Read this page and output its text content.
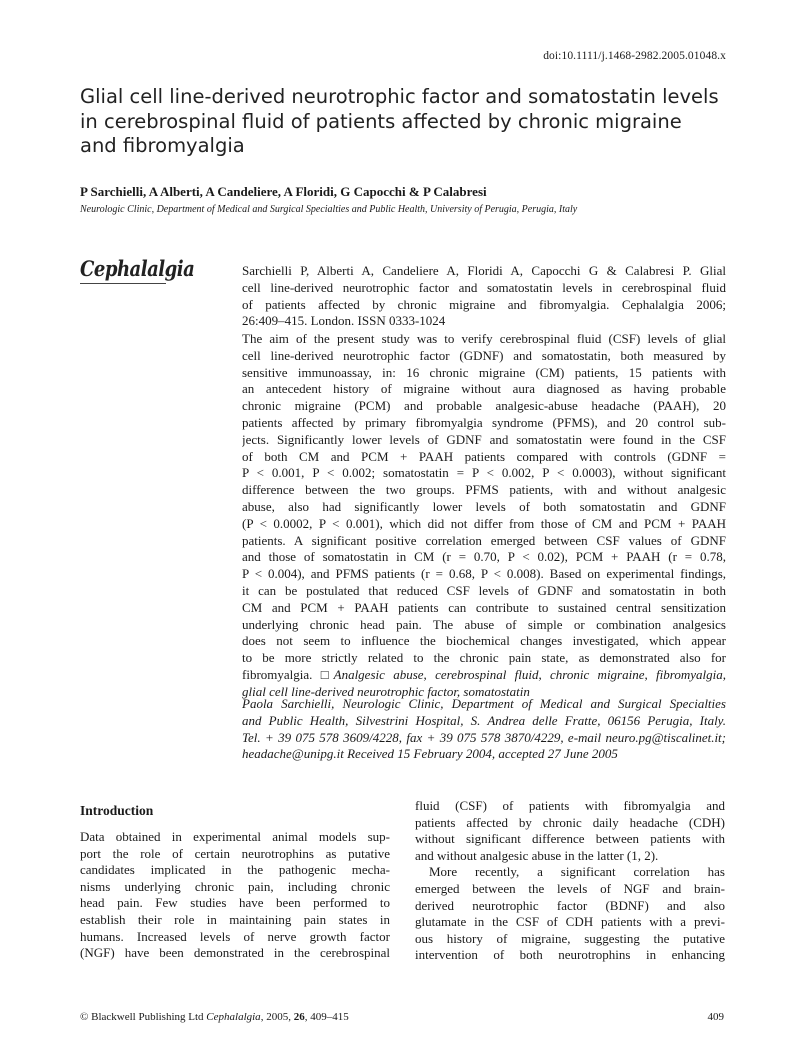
doi:10.1111/j.1468-2982.2005.01048.x
Glial cell line-derived neurotrophic factor and somatostatin levels
in cerebrospinal fluid of patients affected by chronic migraine
and fibromyalgia
P Sarchielli, A Alberti, A Candeliere, A Floridi, G Capocchi & P Calabresi
Neurologic Clinic, Department of Medical and Surgical Specialties and Public Health, University of Perugia, Perugia, Italy
Cephalalgia	Sarchielli P, Alberti A, Candeliere A, Floridi A, Capocchi G & Calabresi P. Glial
cell line-derived neurotrophic factor and somatostatin levels in cerebrospinal fluid
of patients affected by chronic migraine and fibromyalgia. Cephalalgia 2006;
26:409–415. London. ISSN 0333-1024
The aim of the present study was to verify cerebrospinal fluid (CSF) levels of glial
cell line-derived neurotrophic factor (GDNF) and somatostatin, both measured by
sensitive immunoassay, in: 16 chronic migraine (CM) patients, 15 patients with
an antecedent history of migraine without aura diagnosed as having probable
chronic migraine (PCM) and probable analgesic-abuse headache (PAAH), 20
patients affected by primary fibromyalgia syndrome (PFMS), and 20 control sub-
jects. Significantly lower levels of GDNF and somatostatin were found in the CSF
of both CM and PCM + PAAH patients compared with controls (GDNF =
P < 0.001, P < 0.002; somatostatin = P < 0.002, P < 0.0003), without significant
difference between the two groups. PFMS patients, with and without analgesic
abuse, also had significantly lower levels of both somatostatin and GDNF
(P < 0.0002, P < 0.001), which did not differ from those of CM and PCM + PAAH
patients. A significant positive correlation emerged between CSF values of GDNF
and those of somatostatin in CM (r = 0.70, P < 0.02), PCM + PAAH (r = 0.78,
P < 0.004), and PFMS patients (r = 0.68, P < 0.008). Based on experimental findings,
it can be postulated that reduced CSF levels of GDNF and somatostatin in both
CM and PCM + PAAH patients can contribute to sustained central sensitization
underlying chronic head pain. The abuse of simple or combination analgesics
does not seem to influence the biochemical changes investigated, which appear
to be more strictly related to the chronic pain state, as demonstrated also for
fibromyalgia. □Analgesic abuse, cerebrospinal fluid, chronic migraine, fibromyalgia,
glial cell line-derived neurotrophic factor, somatostatin
Paola Sarchielli, Neurologic Clinic, Department of Medical and Surgical Specialties
and Public Health, Silvestrini Hospital, S. Andrea delle Fratte, 06156 Perugia, Italy.
Tel. + 39 075 578 3609/4228, fax + 39 075 578 3870/4229, e-mail neuro.pg@tiscalinet.it;
headache@unipg.it Received 15 February 2004, accepted 27 June 2005
Introduction
Data obtained in experimental animal models sup-
port the role of certain neurotrophins as putative
candidates implicated in the pathogenic mecha-
nisms underlying chronic pain, including chronic
head pain. Few studies have been performed to
establish their role in maintaining pain states in
humans. Increased levels of nerve growth factor
(NGF) have been demonstrated in the cerebrospinal
fluid (CSF) of patients with fibromyalgia and
patients affected by chronic daily headache (CDH)
without significant difference between patients with
and without analgesic abuse in the latter (1, 2).
More recently, a significant correlation has
emerged between the levels of NGF and brain-
derived neurotrophic factor (BDNF) and also
glutamate in the CSF of CDH patients with a previ-
ous history of migraine, suggesting the putative
intervention of both neurotrophins in enhancing
© Blackwell Publishing Ltd Cephalalgia, 2005, 26, 409–415	409
